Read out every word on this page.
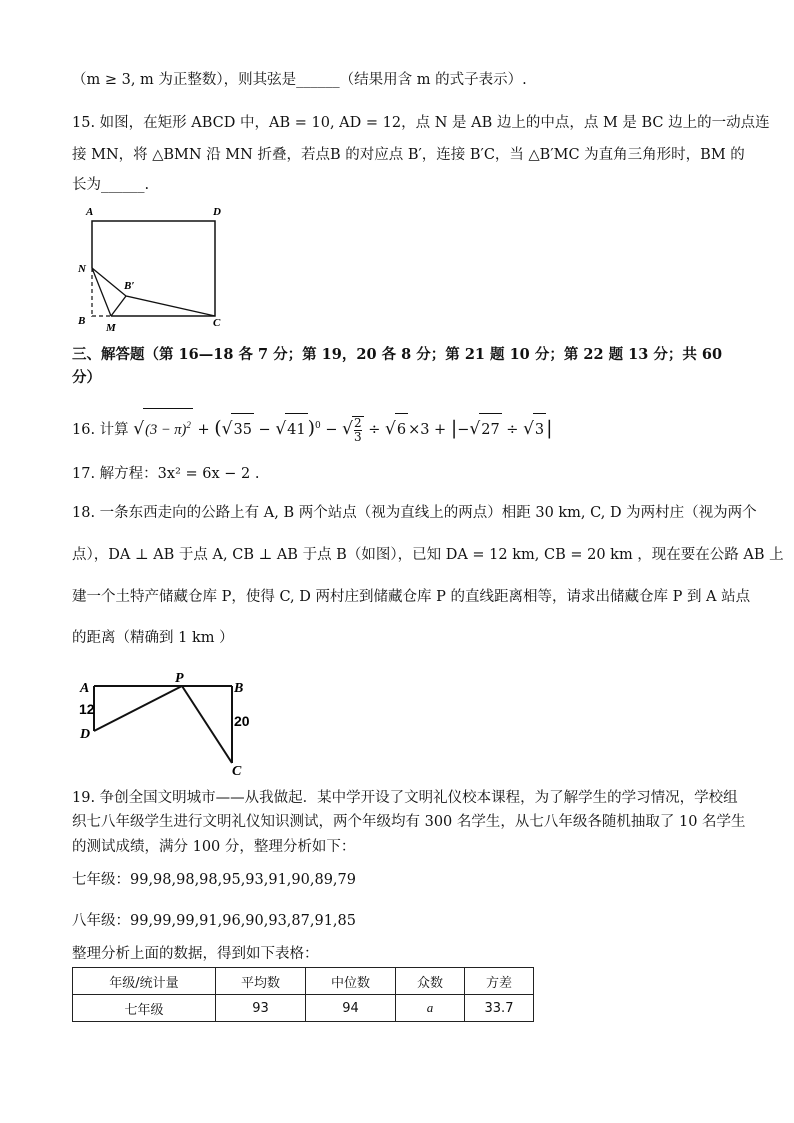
（m ≥ 3, m 为正整数），则其弦是______（结果用含 m 的式子表示）.
15. 如图，在矩形 ABCD 中，AB = 10, AD = 12，点 N 是 AB 边上的中点，点 M 是 BC 边上的一动点连
接 MN，将 △BMN 沿 MN 折叠，若点B 的对应点 B′，连接 B′C，当 △B′MC 为直角三角形时，BM 的
长为______.
A	D
N
B′
B
M	C
三、解答题（第 16—18 各 7 分；第 19，20 各 8 分；第 21 题 10 分；第 22 题 13 分；共 60
分）
16. 计算 $√(3 - \pi)^2 + (√35 - √41$ )$^0$ − √ $\frac{2}{3} \div √6 \times 3 + |-√27 \div √3$ |
17. 解方程：3x² = 6x − 2 .
18. 一条东西走向的公路上有 A, B 两个站点（视为直线上的两点）相距 30 km, C, D 为两村庄（视为两个
点），DA ⊥ AB 于点 A, CB ⊥ AB 于点 B（如图），已知 DA = 12 km, CB = 20 km ，现在要在公路 AB 上
建一个土特产储藏仓库 P，使得 C, D 两村庄到储藏仓库 P 的直线距离相等，请求出储藏仓库 P 到 A 站点
的距离（精确到 1 km ）
A
P
B
D
C
12
20
19. 争创全国文明城市——从我做起．某中学开设了文明礼仪校本课程，为了解学生的学习情况，学校组
织七八年级学生进行文明礼仪知识测试，两个年级均有 300 名学生，从七八年级各随机抽取了 10 名学生
的测试成绩，满分 100 分，整理分析如下：
七年级：99,98,98,98,95,93,91,90,89,79
八年级：99,99,99,91,96,90,93,87,91,85
整理分析上面的数据，得到如下表格：
年级/统计量	平均数	中位数	众数	方差
七年级	93	94	a	33.7
